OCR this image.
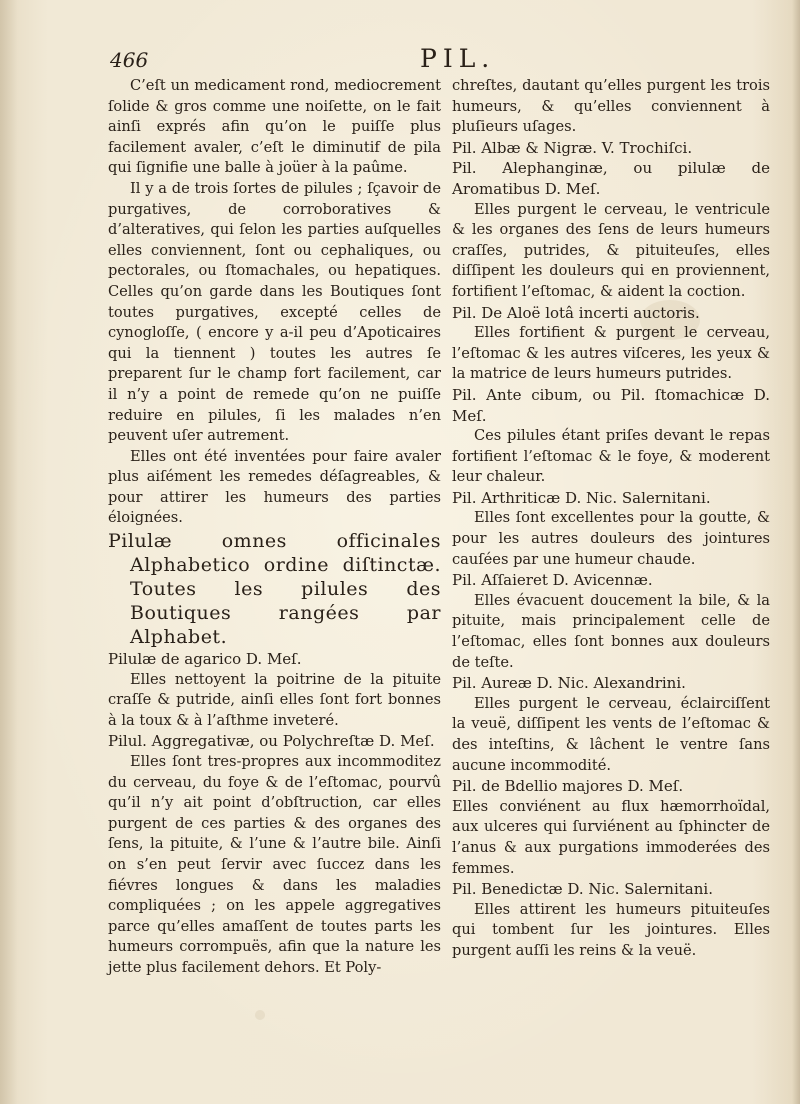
466	PIL.

C’eſt un medicament rond, mediocrement ſolide & gros comme une noiſette, on le fait ainſi exprés afin qu’on le puiſſe plus facilement avaler, c’eſt le diminutif de pila qui ſignifie une balle à joüer à la paûme.

Il y a de trois ſortes de pilules ; ſçavoir de purgatives, de corroboratives & d’alteratives, qui ſelon les parties auſquelles elles conviennent, ſont ou cephaliques, ou pectorales, ou ſtomachales, ou hepatiques. Celles qu’on garde dans les Boutiques ſont toutes purgatives, excepté celles de cynogloſſe, ( encore y a-il peu d’Apoticaires qui la tiennent ) toutes les autres ſe preparent ſur le champ fort facilement, car il n’y a point de remede qu’on ne puiſſe reduire en pilules, ſi les malades n’en peuvent uſer autrement.

Elles ont été inventées pour faire avaler plus aiſément les remedes déſagreables, & pour attirer les humeurs des parties éloignées.

Pilulæ omnes officinales Alphabetico ordine diſtinctæ. Toutes les pilules des Boutiques rangées par Alphabet.

Pilulæ de agarico D. Meſ.

Elles nettoyent la poitrine de la pituite craſſe & putride, ainſi elles ſont fort bonnes à la toux & à l’aſthme inveteré.

Pilul. Aggregativæ, ou Polychreſtæ D. Meſ.

Elles ſont tres-propres aux incommoditez du cerveau, du foye & de l’eſtomac, pourvû qu’il n’y ait point d’obſtruction, car elles purgent de ces parties & des organes des ſens, la pituite, & l’une & l’autre bile. Ainſi on s’en peut ſervir avec ſuccez dans les fiévres longues & dans les maladies compliquées ; on les appele aggregatives parce qu’elles amaſſent de toutes parts les humeurs corrompuës, afin que la nature les jette plus facilement dehors. Et Poly-

chreſtes, dautant qu’elles purgent les trois humeurs, & qu’elles conviennent à pluſieurs uſages.

Pil. Albæ & Nigræ. V. Trochiſci.

Pil. Alephanginæ, ou pilulæ de Aromatibus D. Meſ.

Elles purgent le cerveau, le ventricule & les organes des ſens de leurs humeurs craſſes, putrides, & pituiteuſes, elles diſſipent les douleurs qui en proviennent, fortifient l’eſtomac, & aident la coction.

Pil. De Aloë lotâ incerti auctoris.

Elles fortifient & purgent le cerveau, l’eſtomac & les autres viſceres, les yeux & la matrice de leurs humeurs putrides.

Pil. Ante cibum, ou Pil. ſtomachicæ D. Meſ.

Ces pilules étant priſes devant le repas fortifient l’eſtomac & le foye, & moderent leur chaleur.

Pil. Arthriticæ D. Nic. Salernitani.

Elles ſont excellentes pour la goutte, & pour les autres douleurs des jointures cauſées par une humeur chaude.

Pil. Aſſaieret D. Avicennæ.

Elles évacuent doucement la bile, & la pituite, mais principalement celle de l’eſtomac, elles ſont bonnes aux douleurs de teſte.

Pil. Aureæ D. Nic. Alexandrini.

Elles purgent le cerveau, éclairciſſent la veuë, diſſipent les vents de l’eſtomac & des inteſtins, & lâchent le ventre ſans aucune incommodité.

Pil. de Bdellio majores D. Meſ.

Elles conviénent au flux hæmorrhoïdal, aux ulceres qui ſurviénent au ſphincter de l’anus & aux purgations immoderées des femmes.

Pil. Benedictæ D. Nic. Salernitani.

Elles attirent les humeurs pituiteuſes qui tombent ſur les jointures. Elles purgent auſſi les reins & la veuë.
